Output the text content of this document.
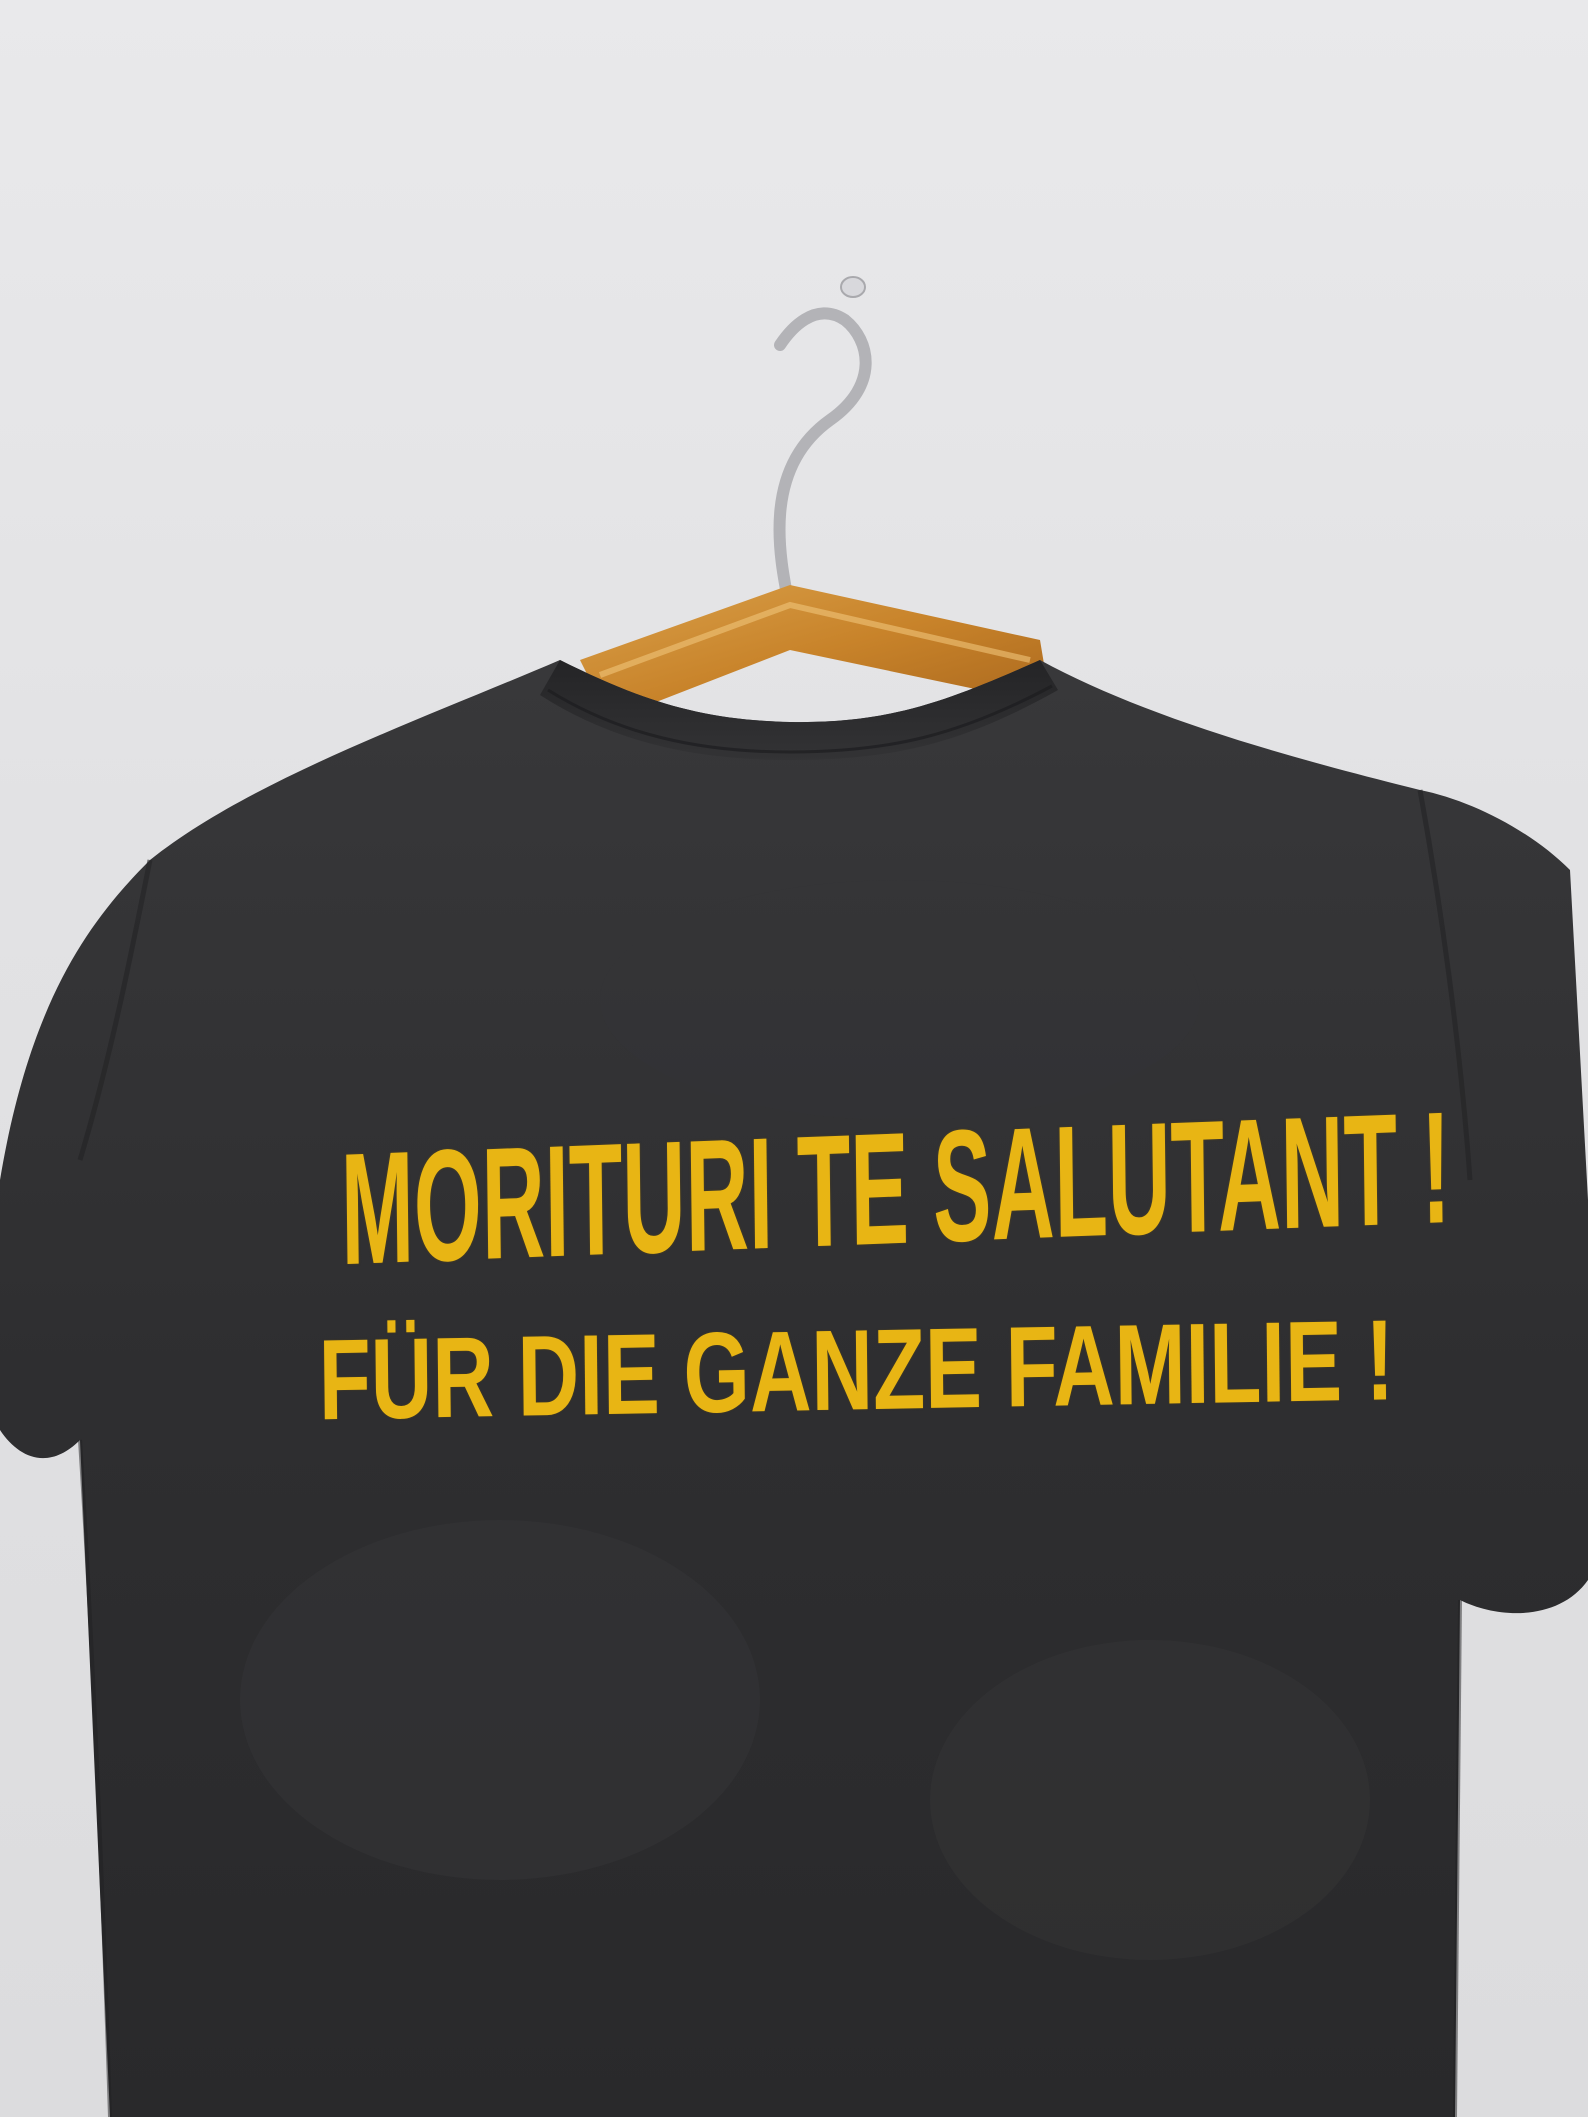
MORITURI TE SALUTANT !
FÜR DIE GANZE FAMILIE !
